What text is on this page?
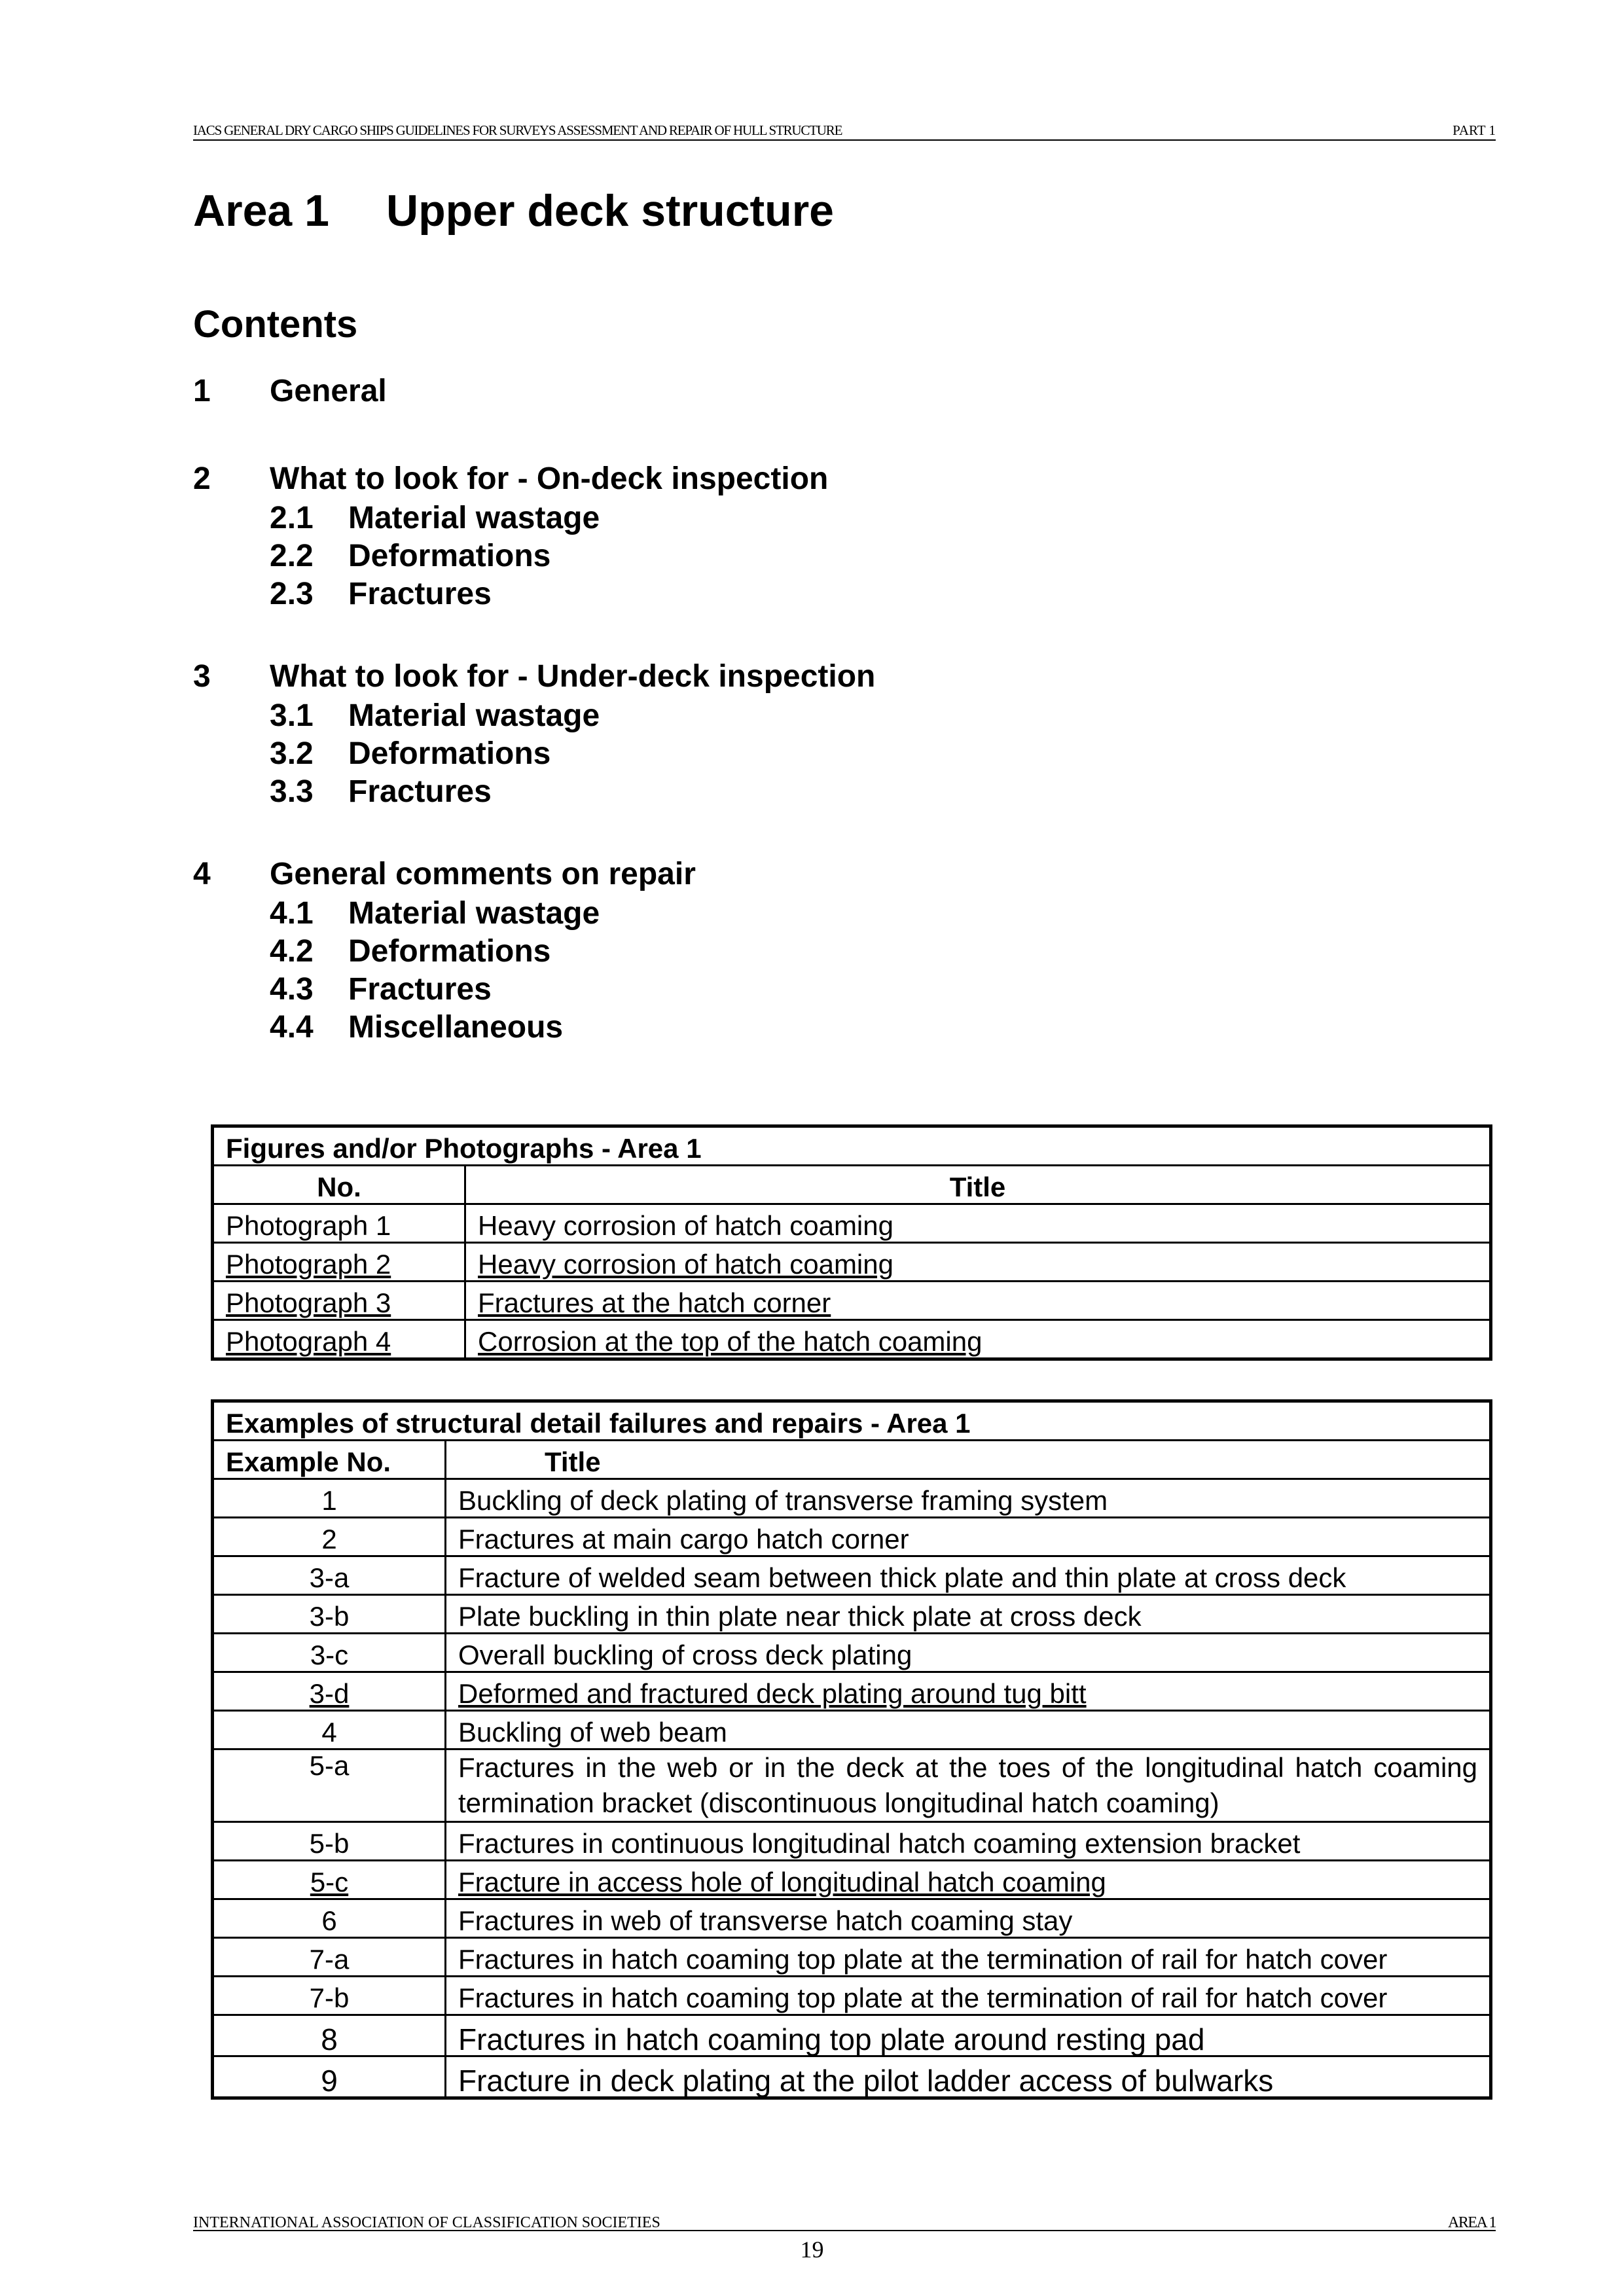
IACS GENERAL DRY CARGO SHIPS GUIDELINES FOR SURVEYS ASSESSMENT AND REPAIR OF HULL STRUCTURE	PART 1
Area 1 Upper deck structure
Contents
1 General
2 What to look for - On-deck inspection
2.1 Material wastage
2.2 Deformations
2.3 Fractures
3 What to look for - Under-deck inspection
3.1 Material wastage
3.2 Deformations
3.3 Fractures
4 General comments on repair
4.1 Material wastage
4.2 Deformations
4.3 Fractures
4.4 Miscellaneous
Figures and/or Photographs - Area 1	
No.	Title
Photograph 1	Heavy corrosion of hatch coaming
Photograph 2	Heavy corrosion of hatch coaming
Photograph 3	Fractures at the hatch corner
Photograph 4	Corrosion at the top of the hatch coaming
Examples of structural detail failures and repairs - Area 1	
Example No.	Title
1	Buckling of deck plating of transverse framing system
2	Fractures at main cargo hatch corner
3-a	Fracture of welded seam between thick plate and thin plate at cross deck
3-b	Plate buckling in thin plate near thick plate at cross deck
3-c	Overall buckling of cross deck plating
3-d	Deformed and fractured deck plating around tug bitt
4	Buckling of web beam
5-a	Fractures in the web or in the deck at the toes of the longitudinal hatch coaming termination bracket (discontinuous longitudinal hatch coaming)
5-b	Fractures in continuous longitudinal hatch coaming extension bracket
5-c	Fracture in access hole of longitudinal hatch coaming
6	Fractures in web of transverse hatch coaming stay
7-a	Fractures in hatch coaming top plate at the termination of rail for hatch cover
7-b	Fractures in hatch coaming top plate at the termination of rail for hatch cover
8	Fractures in hatch coaming top plate around resting pad
9	Fracture in deck plating at the pilot ladder access of bulwarks
INTERNATIONAL ASSOCIATION OF CLASSIFICATION SOCIETIES	AREA 1
19
